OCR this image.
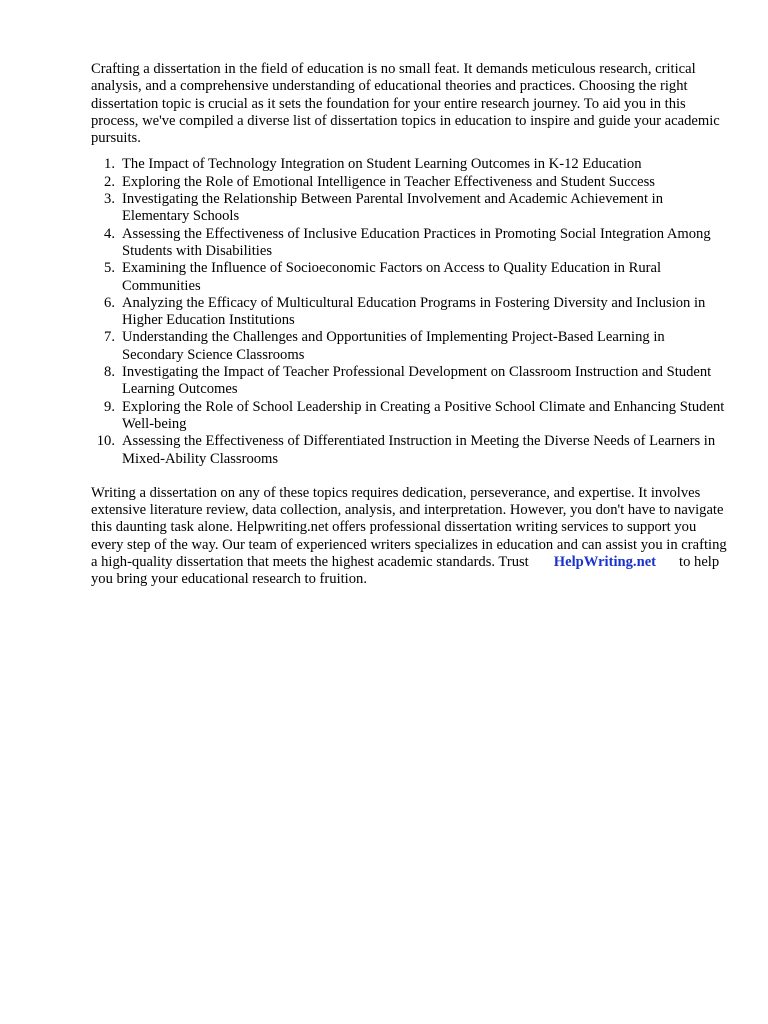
Crafting a dissertation in the field of education is no small feat. It demands meticulous research, critical analysis, and a comprehensive understanding of educational theories and practices. Choosing the right dissertation topic is crucial as it sets the foundation for your entire research journey. To aid you in this process, we've compiled a diverse list of dissertation topics in education to inspire and guide your academic pursuits.

1. The Impact of Technology Integration on Student Learning Outcomes in K-12 Education
2. Exploring the Role of Emotional Intelligence in Teacher Effectiveness and Student Success
3. Investigating the Relationship Between Parental Involvement and Academic Achievement in Elementary Schools
4. Assessing the Effectiveness of Inclusive Education Practices in Promoting Social Integration Among Students with Disabilities
5. Examining the Influence of Socioeconomic Factors on Access to Quality Education in Rural Communities
6. Analyzing the Efficacy of Multicultural Education Programs in Fostering Diversity and Inclusion in Higher Education Institutions
7. Understanding the Challenges and Opportunities of Implementing Project-Based Learning in Secondary Science Classrooms
8. Investigating the Impact of Teacher Professional Development on Classroom Instruction and Student Learning Outcomes
9. Exploring the Role of School Leadership in Creating a Positive School Climate and Enhancing Student Well-being
10. Assessing the Effectiveness of Differentiated Instruction in Meeting the Diverse Needs of Learners in Mixed-Ability Classrooms

Writing a dissertation on any of these topics requires dedication, perseverance, and expertise. It involves extensive literature review, data collection, analysis, and interpretation. However, you don't have to navigate this daunting task alone. Helpwriting.net offers professional dissertation writing services to support you every step of the way. Our team of experienced writers specializes in education and can assist you in crafting a high-quality dissertation that meets the highest academic standards. Trust HelpWriting.net to help you bring your educational research to fruition.
